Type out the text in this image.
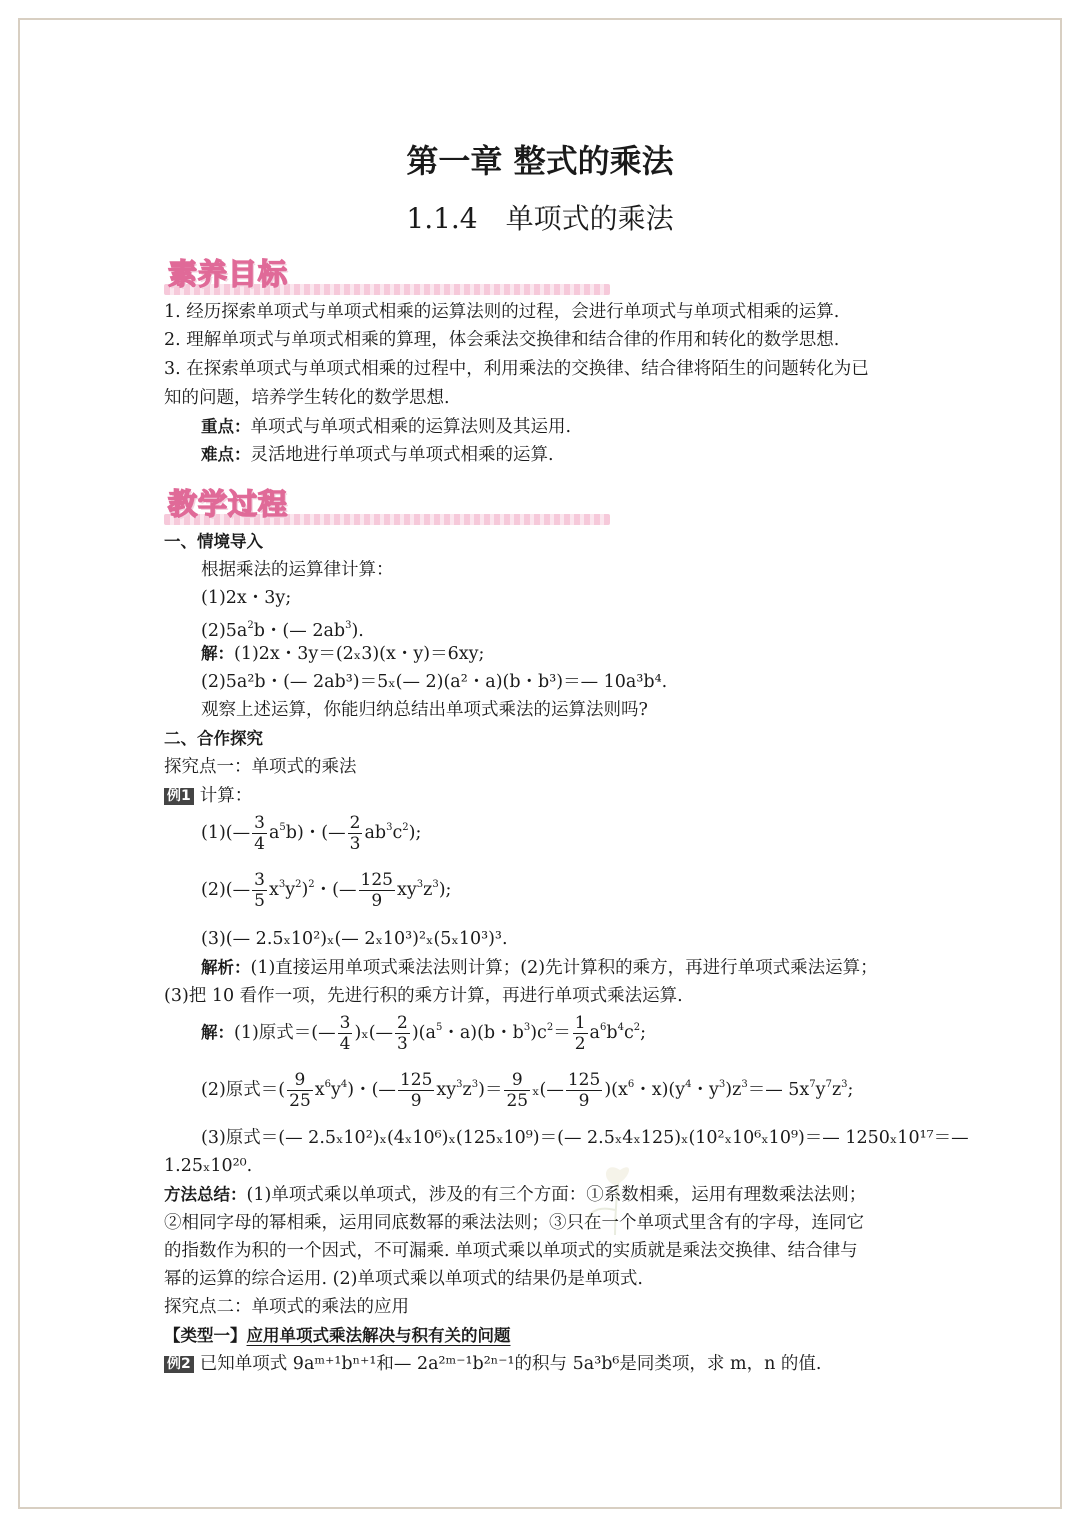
第一章 整式的乘法
1.1.4　单项式的乘法
素养目标
1. 经历探索单项式与单项式相乘的运算法则的过程，会进行单项式与单项式相乘的运算.
2. 理解单项式与单项式相乘的算理，体会乘法交换律和结合律的作用和转化的数学思想.
3. 在探索单项式与单项式相乘的过程中，利用乘法的交换律、结合律将陌生的问题转化为已
知的问题，培养学生转化的数学思想.
重点：单项式与单项式相乘的运算法则及其运用.
难点：灵活地进行单项式与单项式相乘的运算.
教学过程
一、情境导入
根据乘法的运算律计算：
(1)2x・3y;
$(2)5a^2b$・(— $2ab^3$).
解：(1)2x・3y＝(2ₓ3)(x・y)＝6xy;
(2)5a²b・(— 2ab³)＝5ₓ(— 2)(a²・a)(b・b³)＝— 10a³b⁴.
观察上述运算，你能归纳总结出单项式乘法的运算法则吗?
二、合作探究
探究点一：单项式的乘法
例1 计算：
(1)(— $\frac{3}{4} a^5b$)・(— $\frac{2}{3} ab^3c^2$);
(2)(— $\frac{3}{5} x^3y^2)^2$・(— $\frac{125}{9} xy^3z^3$);
(3)(— 2.5ₓ10²)ₓ(— 2ₓ10³)²ₓ(5ₓ10³)³.
解析：(1)直接运用单项式乘法法则计算；(2)先计算积的乘方，再进行单项式乘法运算；
(3)把 10 看作一项，先进行积的乘方计算，再进行单项式乘法运算.
解：(1)原式＝(— $\frac{3}{4}$ )ₓ(— $\frac{2}{3} )(a^5$・a)(b・$b^3)c^2= \frac{1}{2} a^6b^4c^2$;
(2)原式＝( $\frac{9}{25} x^6y^4$)・(— $\frac{125}{9} xy^3z^3)= \frac{9}{25}$ ₓ(— $\frac{125}{9} )(x^6$・$x)(y^4$・$y^3)z^3=—$ $5x^7y^7z^3$;
(3)原式＝(— 2.5ₓ10²)ₓ(4ₓ10⁶)ₓ(125ₓ10⁹)＝(— 2.5ₓ4ₓ125)ₓ(10²ₓ10⁶ₓ10⁹)＝— 1250ₓ10¹⁷＝—
1.25ₓ10²⁰.
方法总结：(1)单项式乘以单项式，涉及的有三个方面：①系数相乘，运用有理数乘法法则；
②相同字母的幂相乘，运用同底数幂的乘法法则；③只在一个单项式里含有的字母，连同它
的指数作为积的一个因式，不可漏乘. 单项式乘以单项式的实质就是乘法交换律、结合律与
幂的运算的综合运用. (2)单项式乘以单项式的结果仍是单项式.
探究点二：单项式的乘法的应用
【类型一】应用单项式乘法解决与积有关的问题
例2 已知单项式 9aᵐ⁺¹bⁿ⁺¹和— 2a²ᵐ⁻¹b²ⁿ⁻¹的积与 5a³b⁶是同类项，求 m，n 的值.
